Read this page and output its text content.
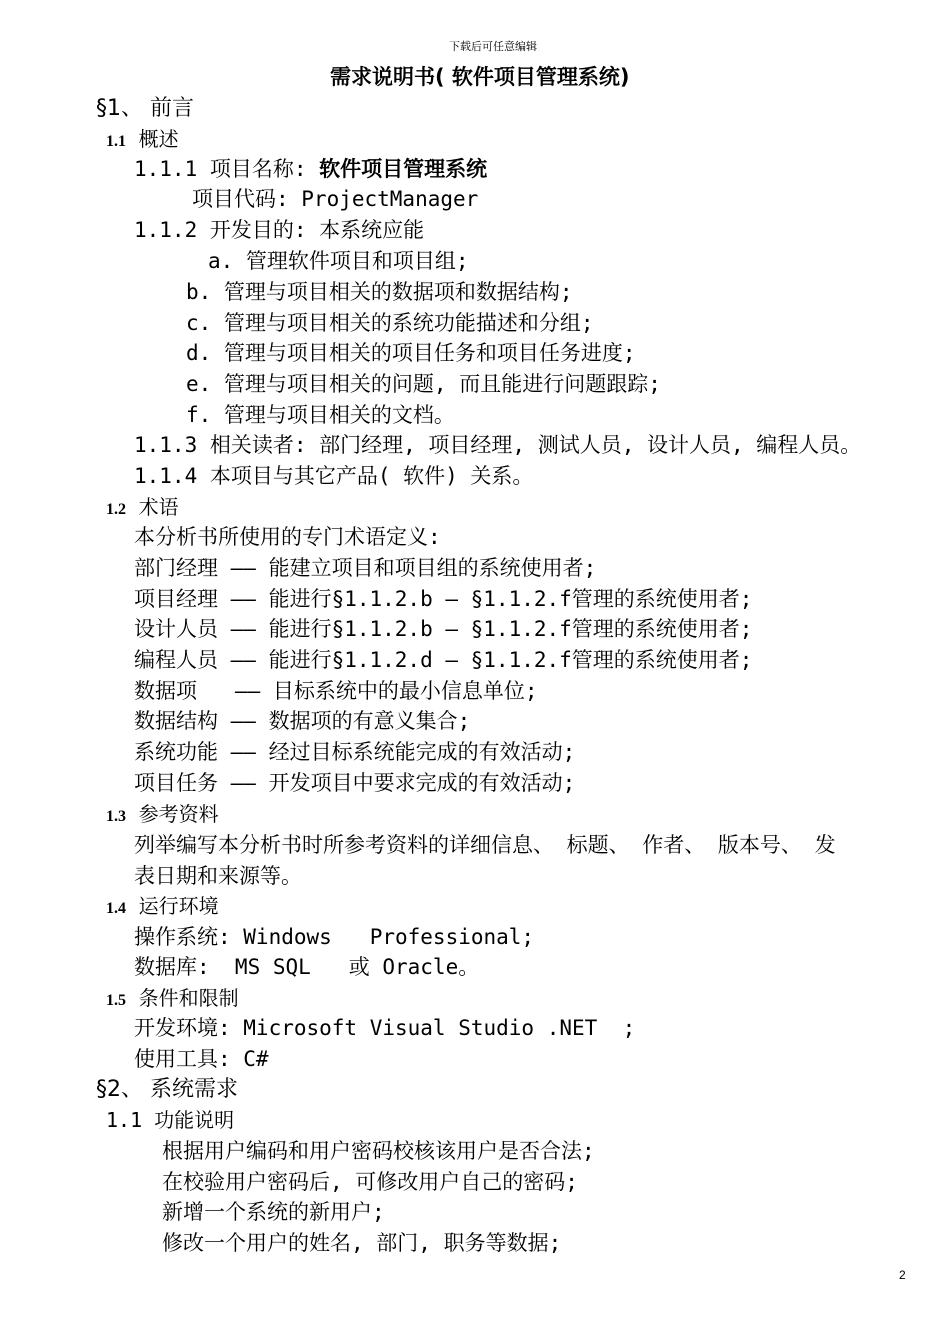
下载后可任意编辑
需求说明书( 软件项目管理系统)
§1、 前言
1.1 概述
1.1.1 项目名称: 软件项目管理系统
项目代码: ProjectManager
1.1.2 开发目的: 本系统应能
a. 管理软件项目和项目组;
b. 管理与项目相关的数据项和数据结构;
c. 管理与项目相关的系统功能描述和分组;
d. 管理与项目相关的项目任务和项目任务进度;
e. 管理与项目相关的问题, 而且能进行问题跟踪;
f. 管理与项目相关的文档。
1.1.3 相关读者: 部门经理, 项目经理, 测试人员, 设计人员, 编程人员。
1.1.4 本项目与其它产品( 软件) 关系。
1.2 术语
本分析书所使用的专门术语定义:
部门经理 —— 能建立项目和项目组的系统使用者;
项目经理 —— 能进行§1.1.2.b – §1.1.2.f管理的系统使用者;
设计人员 —— 能进行§1.1.2.b – §1.1.2.f管理的系统使用者;
编程人员 —— 能进行§1.1.2.d – §1.1.2.f管理的系统使用者;
数据项   —— 目标系统中的最小信息单位;
数据结构 —— 数据项的有意义集合;
系统功能 —— 经过目标系统能完成的有效活动;
项目任务 —— 开发项目中要求完成的有效活动;
1.3 参考资料
列举编写本分析书时所参考资料的详细信息、 标题、 作者、 版本号、 发
表日期和来源等。
1.4 运行环境
操作系统: Windows   Professional;
数据库:  MS SQL   或 Oracle。
1.5 条件和限制
开发环境: Microsoft Visual Studio .NET  ;
使用工具: C#
§2、 系统需求
1.1 功能说明
根据用户编码和用户密码校核该用户是否合法;
在校验用户密码后, 可修改用户自己的密码;
新增一个系统的新用户;
修改一个用户的姓名, 部门, 职务等数据;
2
